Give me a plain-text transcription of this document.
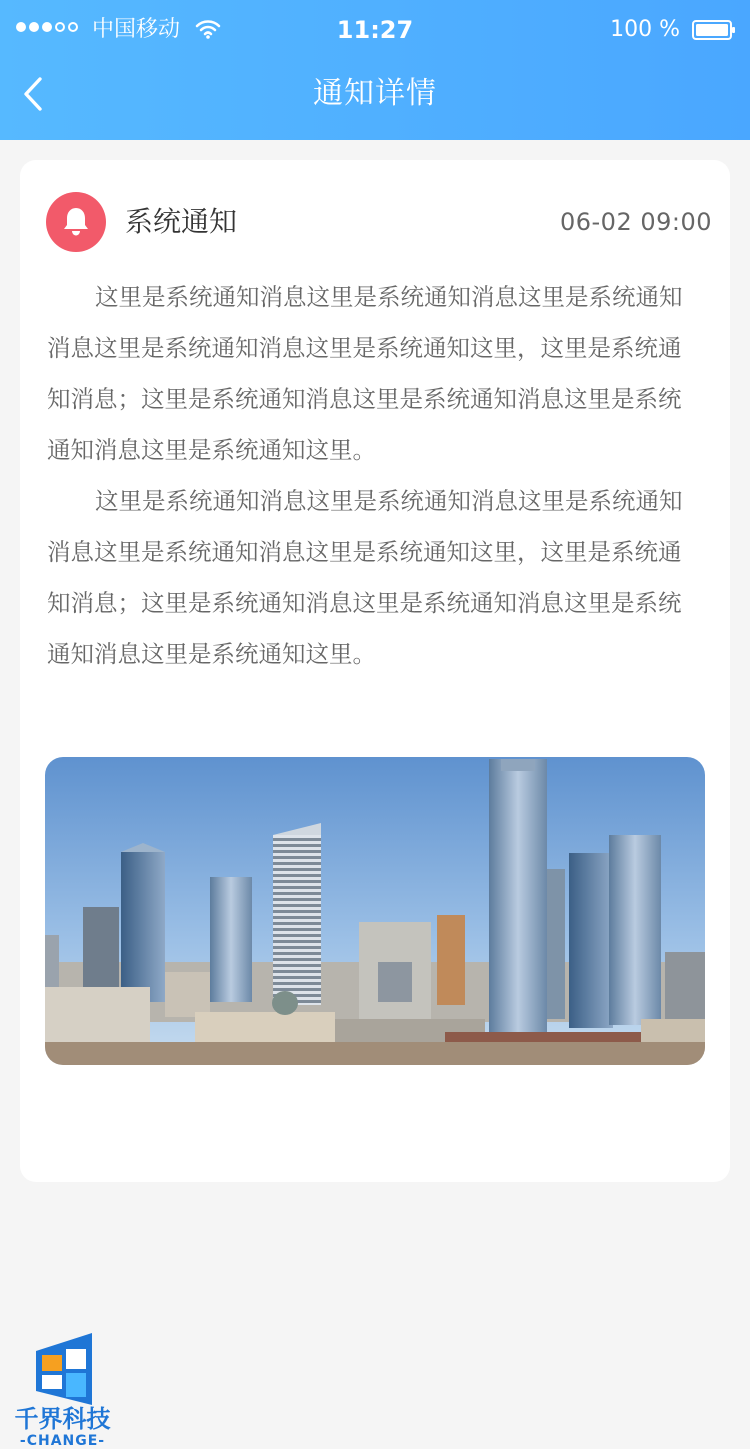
中国移动	11:27	100 %
通知详情
系统通知	06-02 09:00

这里是系统通知消息这里是系统通知消息这里是系统通知消息这里是系统通知消息这里是系统通知这里，这里是系统通知消息；这里是系统通知消息这里是系统通知消息这里是系统通知消息这里是系统通知这里。

这里是系统通知消息这里是系统通知消息这里是系统通知消息这里是系统通知消息这里是系统通知这里，这里是系统通知消息；这里是系统通知消息这里是系统通知消息这里是系统通知消息这里是系统通知这里。

千界科技
-CHANGE-
